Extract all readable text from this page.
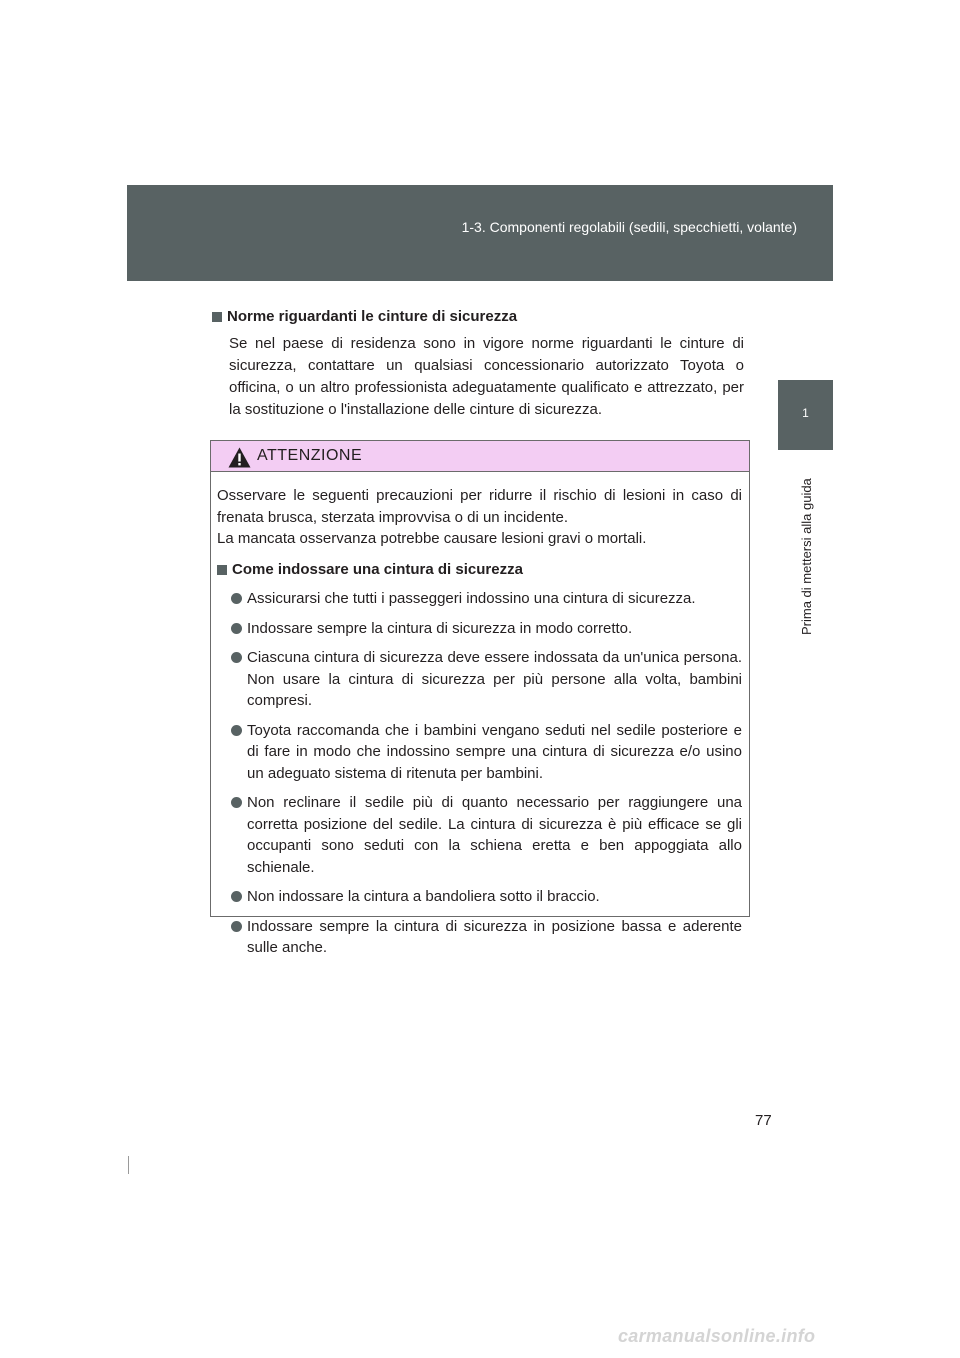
1-3. Componenti regolabili (sedili, specchietti, volante)
1
Prima di mettersi alla guida
Norme riguardanti le cinture di sicurezza
Se nel paese di residenza sono in vigore norme riguardanti le cinture di sicurezza, contattare un qualsiasi concessionario autorizzato Toyota o officina, o un altro professionista adeguatamente qualificato e attrezzato, per la sostituzione o l'installazione delle cinture di sicurezza.
ATTENZIONE

Osservare le seguenti precauzioni per ridurre il rischio di lesioni in caso di frenata brusca, sterzata improvvisa o di un incidente.

La mancata osservanza potrebbe causare lesioni gravi o mortali.

Come indossare una cintura di sicurezza
Assicurarsi che tutti i passeggeri indossino una cintura di sicurezza.
Indossare sempre la cintura di sicurezza in modo corretto.
Ciascuna cintura di sicurezza deve essere indossata da un'unica persona. Non usare la cintura di sicurezza per più persone alla volta, bambini compresi.
Toyota raccomanda che i bambini vengano seduti nel sedile posteriore e di fare in modo che indossino sempre una cintura di sicurezza e/o usino un adeguato sistema di ritenuta per bambini.
Non reclinare il sedile più di quanto necessario per raggiungere una corretta posizione del sedile. La cintura di sicurezza è più efficace se gli occupanti sono seduti con la schiena eretta e ben appoggiata allo schienale.
Non indossare la cintura a bandoliera sotto il braccio.
Indossare sempre la cintura di sicurezza in posizione bassa e aderente sulle anche.
77
carmanualsonline.info
